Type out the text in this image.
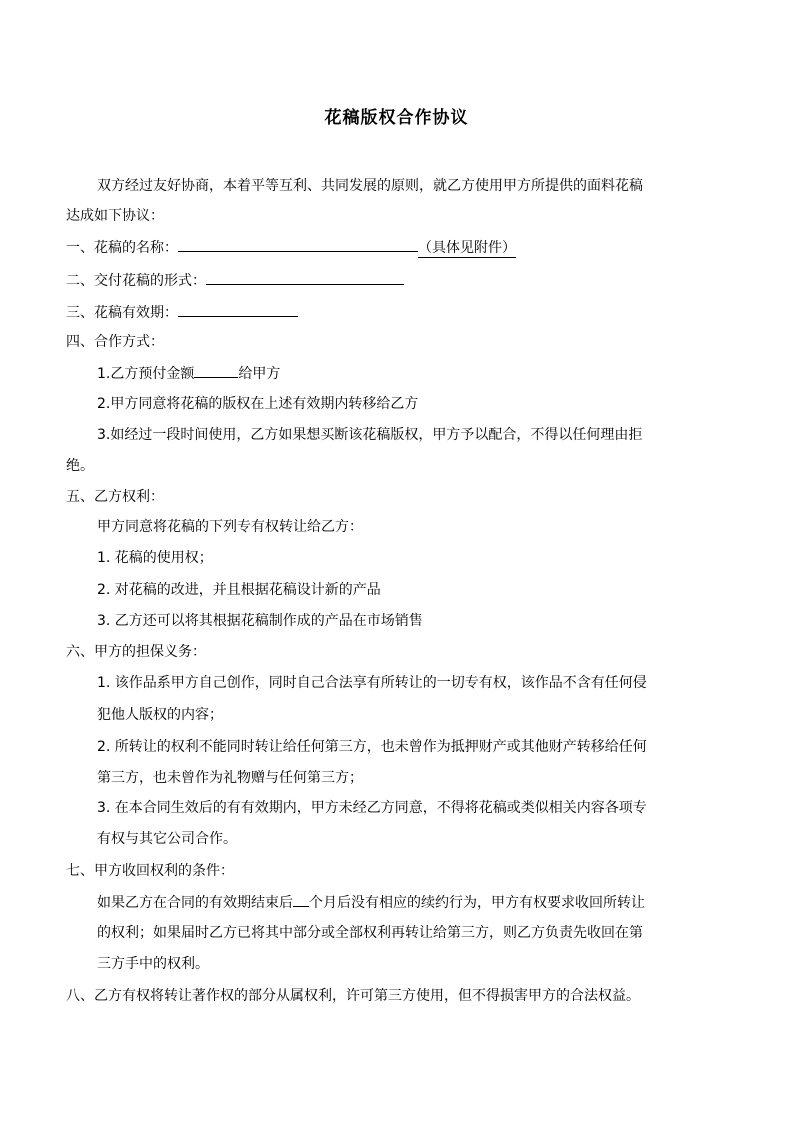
花稿版权合作协议
双方经过友好协商，本着平等互利、共同发展的原则，就乙方使用甲方所提供的面料花稿
达成如下协议：
一、花稿的名称：	（具体见附件）
二、交付花稿的形式：
三、花稿有效期：
四、合作方式：
1.乙方预付金额	给甲方
2.甲方同意将花稿的版权在上述有效期内转移给乙方
3.如经过一段时间使用，乙方如果想买断该花稿版权，甲方予以配合，不得以任何理由拒
绝。
五、乙方权利：
甲方同意将花稿的下列专有权转让给乙方：
1. 花稿的使用权；
2. 对花稿的改进，并且根据花稿设计新的产品
3. 乙方还可以将其根据花稿制作成的产品在市场销售
六、甲方的担保义务：
1. 该作品系甲方自己创作，同时自己合法享有所转让的一切专有权，该作品不含有任何侵
犯他人版权的内容；
2. 所转让的权利不能同时转让给任何第三方，也未曾作为抵押财产或其他财产转移给任何
第三方，也未曾作为礼物赠与任何第三方；
3. 在本合同生效后的有有效期内，甲方未经乙方同意，不得将花稿或类似相关内容各项专
有权与其它公司合作。
七、甲方收回权利的条件：
如果乙方在合同的有效期结束后 个月后没有相应的续约行为，甲方有权要求收回所转让
的权利；如果届时乙方已将其中部分或全部权利再转让给第三方，则乙方负责先收回在第
三方手中的权利。
八、乙方有权将转让著作权的部分从属权利，许可第三方使用，但不得损害甲方的合法权益。
